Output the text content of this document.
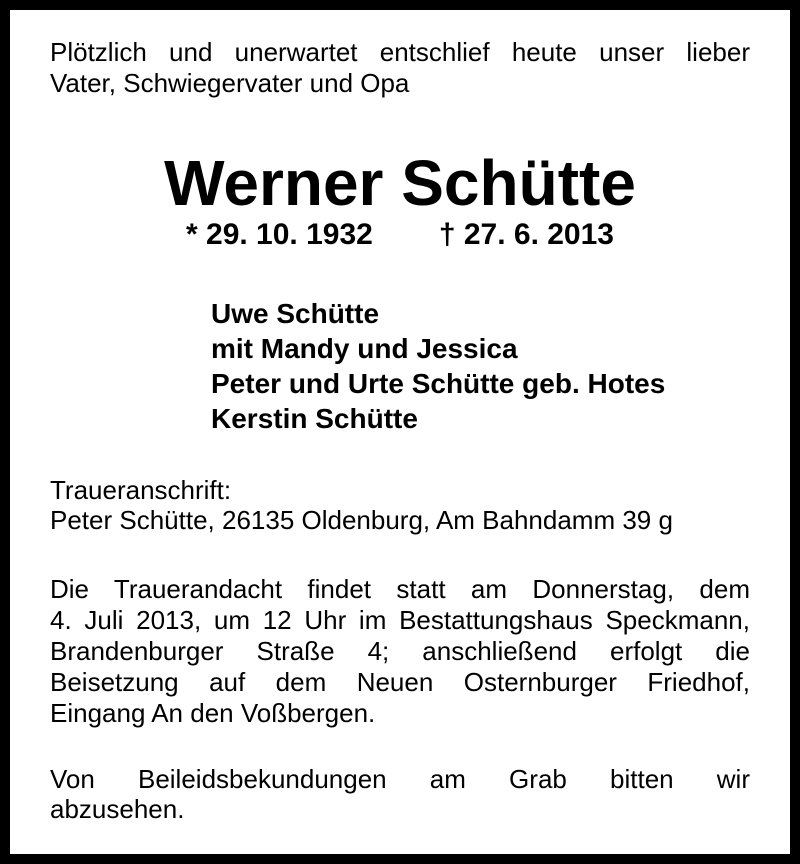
Plötzlich und unerwartet entschlief heute unser lieber
Vater, Schwiegervater und Opa
Werner Schütte
* 29. 10. 1932 † 27. 6. 2013
Uwe Schütte
mit Mandy und Jessica
Peter und Urte Schütte geb. Hotes
Kerstin Schütte
Traueranschrift:
Peter Schütte, 26135 Oldenburg, Am Bahndamm 39 g
Die Trauerandacht findet statt am Donnerstag, dem
4. Juli 2013, um 12 Uhr im Bestattungshaus Speckmann,
Brandenburger Straße 4; anschließend erfolgt die
Beisetzung auf dem Neuen Osternburger Friedhof,
Eingang An den Voßbergen.
Von Beileidsbekundungen am Grab bitten wir
abzusehen.
